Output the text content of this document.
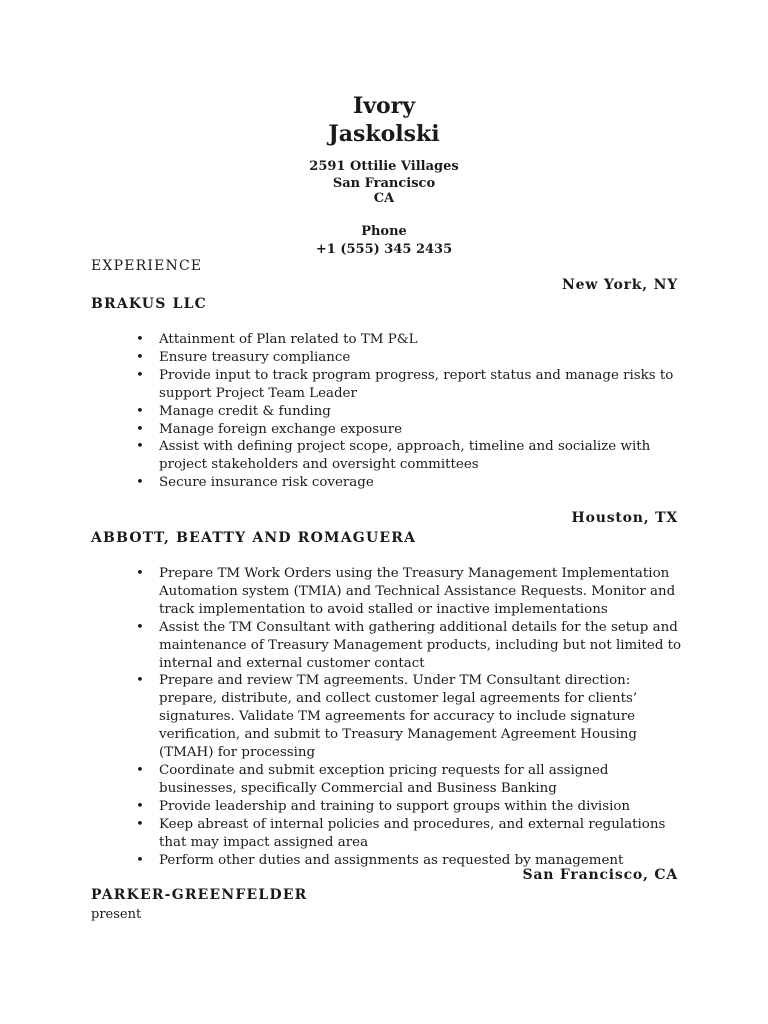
Ivory
Jaskolski
2591 Ottilie Villages
San Francisco
CA
Phone
+1 (555) 345 2435
EXPERIENCE
New York, NY
BRAKUS LLC
• Attainment of Plan related to TM P&L
• Ensure treasury compliance
• Provide input to track program progress, report status and manage risks to support Project Team Leader
• Manage credit & funding
• Manage foreign exchange exposure
• Assist with defining project scope, approach, timeline and socialize with project stakeholders and oversight committees
• Secure insurance risk coverage
Houston, TX
ABBOTT, BEATTY AND ROMAGUERA
• Prepare TM Work Orders using the Treasury Management Implementation Automation system (TMIA) and Technical Assistance Requests. Monitor and track implementation to avoid stalled or inactive implementations
• Assist the TM Consultant with gathering additional details for the setup and maintenance of Treasury Management products, including but not limited to internal and external customer contact
• Prepare and review TM agreements. Under TM Consultant direction: prepare, distribute, and collect customer legal agreements for clients’ signatures. Validate TM agreements for accuracy to include signature verification, and submit to Treasury Management Agreement Housing (TMAH) for processing
• Coordinate and submit exception pricing requests for all assigned businesses, specifically Commercial and Business Banking
• Provide leadership and training to support groups within the division
• Keep abreast of internal policies and procedures, and external regulations that may impact assigned area
• Perform other duties and assignments as requested by management
San Francisco, CA
PARKER-GREENFELDER
present
